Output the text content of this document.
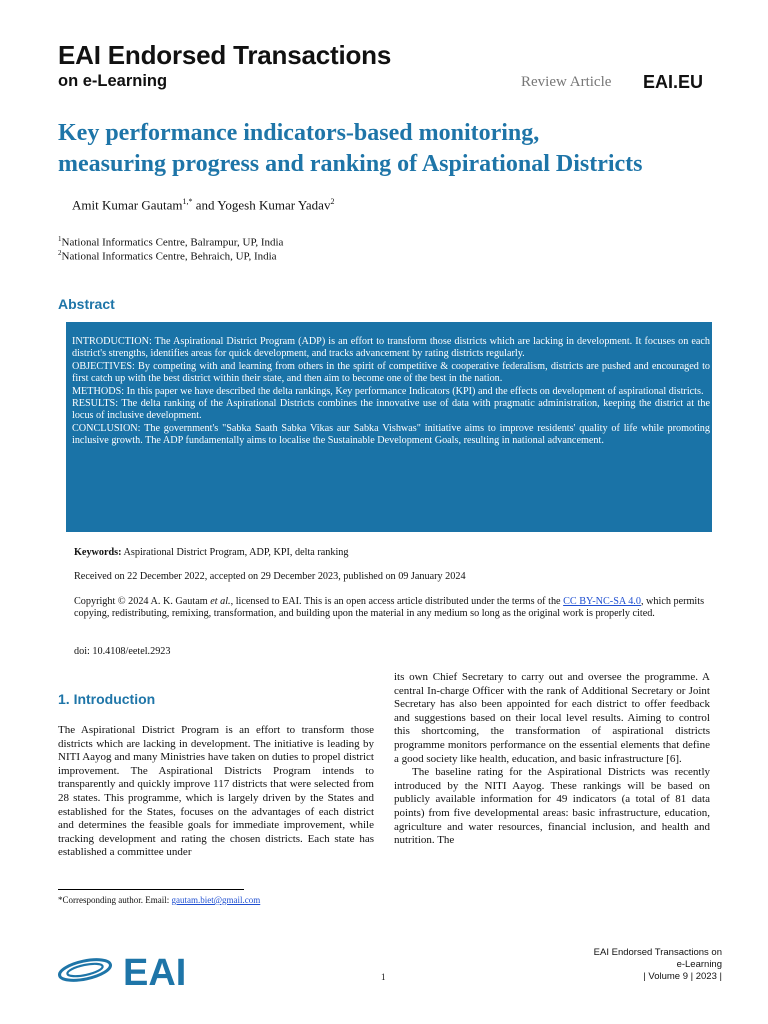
EAI Endorsed Transactions
on e-Learning	Review Article EAI.EU
Key performance indicators-based monitoring,
measuring progress and ranking of Aspirational Districts
Amit Kumar Gautam$^{1,*}$ and Yogesh Kumar Yadav$^2$
$^1$National Informatics Centre, Balrampur, UP, India
$^2$National Informatics Centre, Behraich, UP, India
Abstract

INTRODUCTION: The Aspirational District Program (ADP) is an effort to transform those districts which are lacking in development. It focuses on each district's strengths, identifies areas for quick development, and tracks advancement by rating districts regularly.

OBJECTIVES: By competing with and learning from others in the spirit of competitive & cooperative federalism, districts are pushed and encouraged to first catch up with the best district within their state, and then aim to become one of the best in the nation.

METHODS: In this paper we have described the delta rankings, Key performance Indicators (KPI) and the effects on development of aspirational districts.

RESULTS: The delta ranking of the Aspirational Districts combines the innovative use of data with pragmatic administration, keeping the district at the locus of inclusive development.

CONCLUSION: The government's "Sabka Saath Sabka Vikas aur Sabka Vishwas" initiative aims to improve residents' quality of life while promoting inclusive growth. The ADP fundamentally aims to localise the Sustainable Development Goals, resulting in national advancement.

Keywords: Aspirational District Program, ADP, KPI, delta ranking
Received on 22 December 2022, accepted on 29 December 2023, published on 09 January 2024
Copyright © 2024 A. K. Gautam et al., licensed to EAI. This is an open access article distributed under the terms of the CC BY-NC-SA 4.0, which permits copying, redistributing, remixing, transformation, and building upon the material in any medium so long as the original work is properly cited.
doi: 10.4108/eetel.2923
1. Introduction

The Aspirational District Program is an effort to transform those districts which are lacking in development. The initiative is leading by NITI Aayog and many Ministries have taken on duties to propel district improvement. The Aspirational Districts Program intends to transparently and quickly improve 117 districts that were selected from 28 states. This programme, which is largely driven by the States and established for the States, focuses on the advantages of each district and determines the feasible goals for immediate improvement, while tracking development and rating the chosen districts. Each state has established a committee under

its own Chief Secretary to carry out and oversee the programme. A central In-charge Officer with the rank of Additional Secretary or Joint Secretary has also been appointed for each district to offer feedback and suggestions based on their local level results. Aiming to control this shortcoming, the transformation of aspirational districts programme monitors performance on the essential elements that define a good society like health, education, and basic infrastructure [6].

The baseline rating for the Aspirational Districts was recently introduced by the NITI Aayog. These rankings will be based on publicly available information for 49 indicators (a total of 81 data points) from five developmental areas: basic infrastructure, education, agriculture and water resources, financial inclusion, and health and nutrition. The

*Corresponding author. Email: gautam.biet@gmail.com
EAI	1
EAI Endorsed Transactions on
e-Learning
| Volume 9 | 2023 |
